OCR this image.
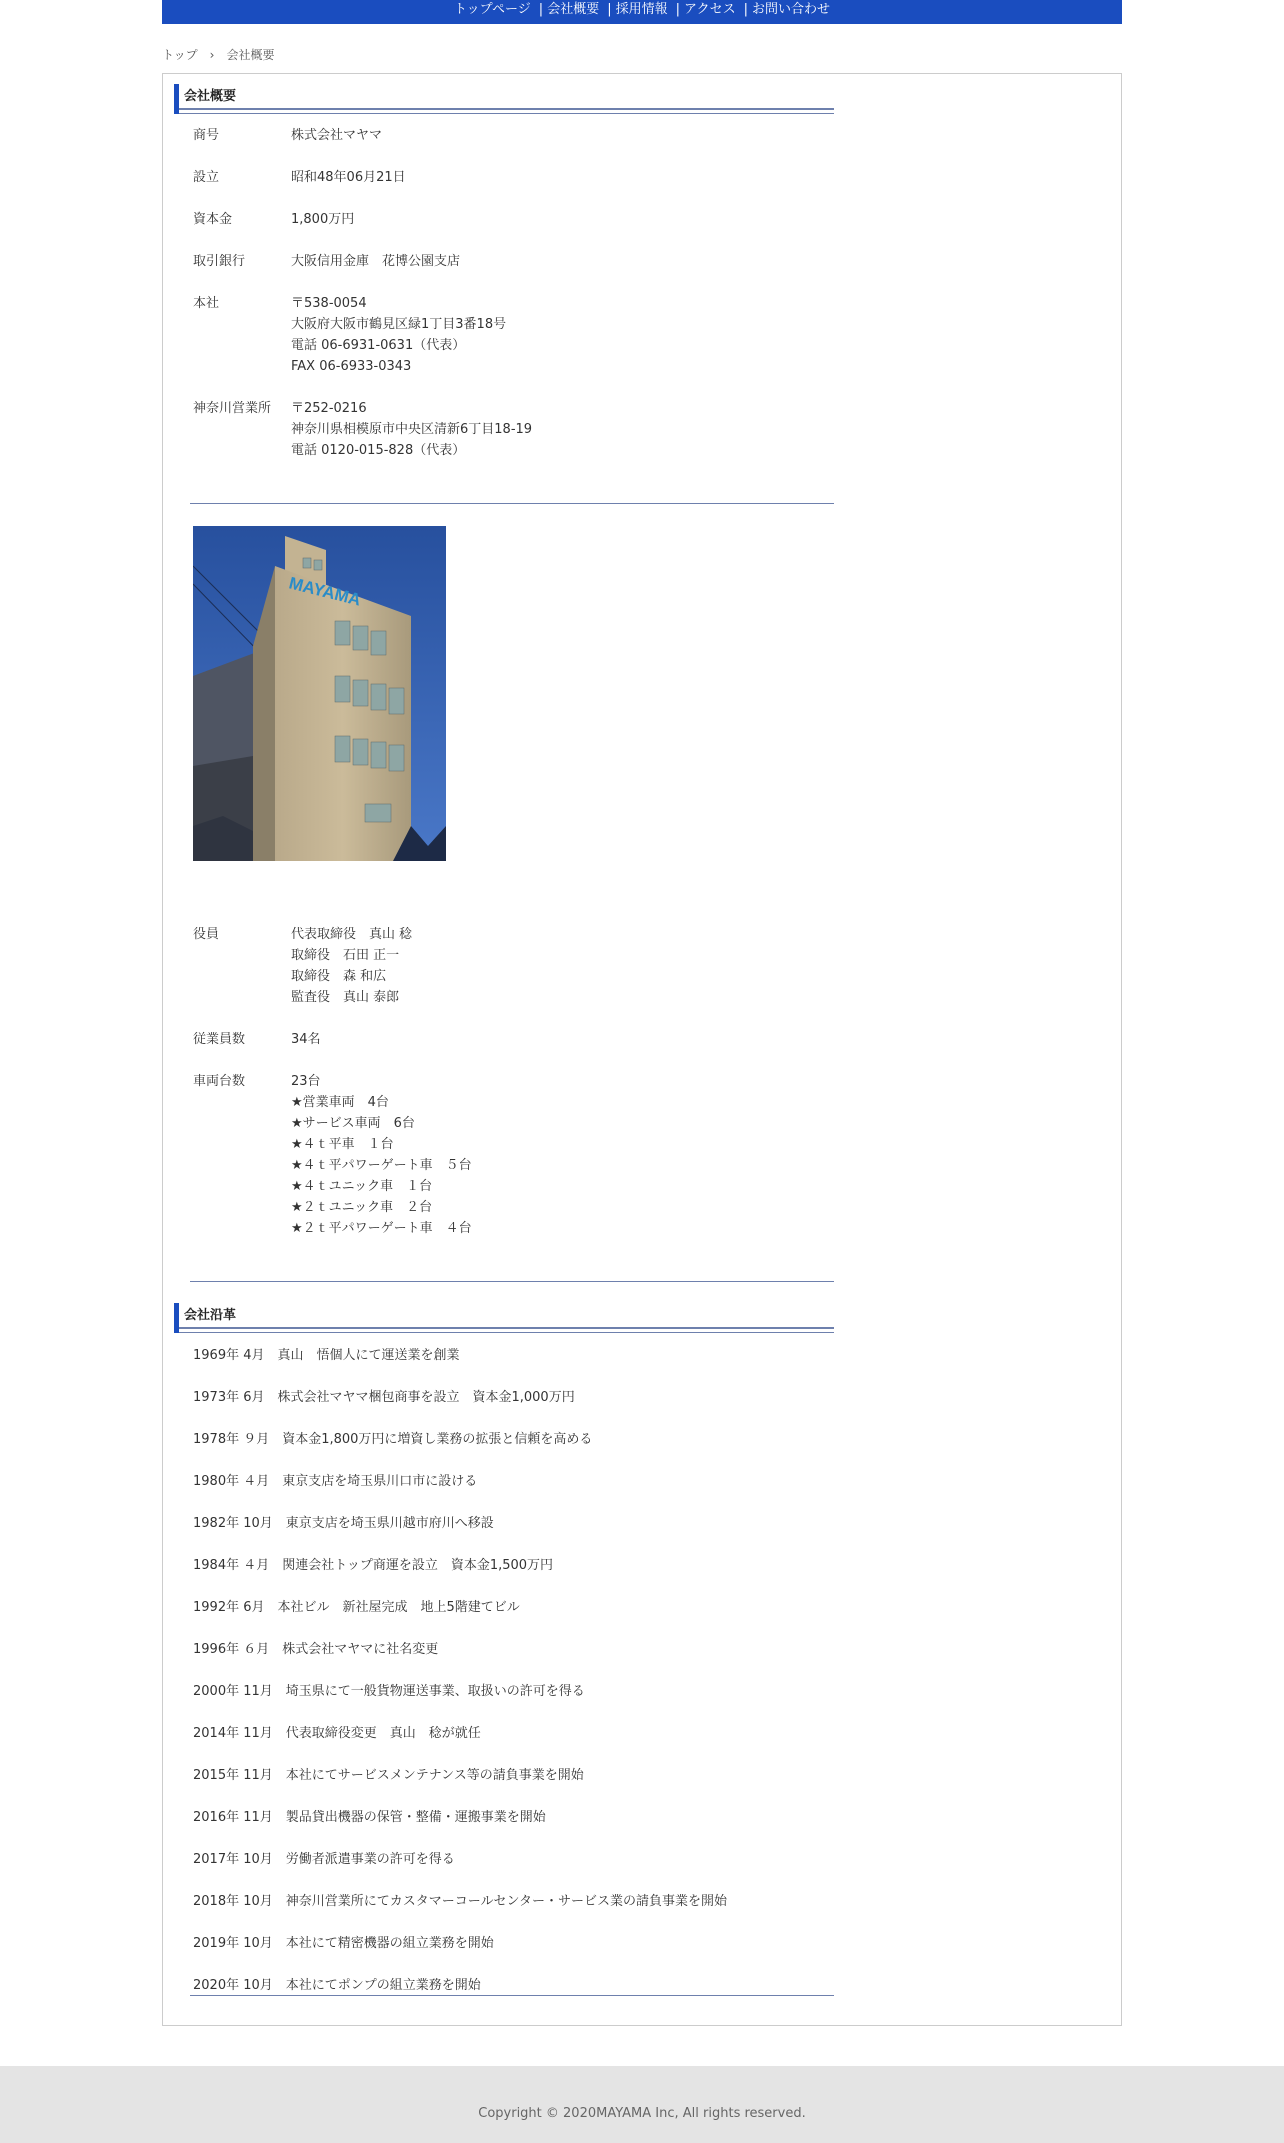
トップページ | 会社概要 | 採用情報 | アクセス | お問い合わせ
トップ › 会社概要
会社概要
商号	株式会社マヤマ
設立	昭和48年06月21日
資本金	1,800万円
取引銀行	大阪信用金庫　花博公園支店
本社	〒538-0054
大阪府大阪市鶴見区緑1丁目3番18号
電話 06-6931-0631（代表）
FAX 06-6933-0343
神奈川営業所	〒252-0216
神奈川県相模原市中央区清新6丁目18-19
電話 0120-015-828（代表）
MAYAMA
役員	代表取締役　真山 稔
取締役　石田 正一
取締役　森 和広
監査役　真山 泰郎
従業員数	34名
車両台数	23台
★営業車両　4台
★サービス車両　6台
★４ｔ平車　１台
★４ｔ平パワーゲート車　５台
★４ｔユニック車　１台
★２ｔユニック車　２台
★２ｔ平パワーゲート車　４台
会社沿革
1969年 4月　真山　悟個人にて運送業を創業
1973年 6月　株式会社マヤマ梱包商事を設立　資本金1,000万円
1978年 ９月　資本金1,800万円に増資し業務の拡張と信頼を高める
1980年 ４月　東京支店を埼玉県川口市に設ける
1982年 10月　東京支店を埼玉県川越市府川へ移設
1984年 ４月　関連会社トップ商運を設立　資本金1,500万円
1992年 6月　本社ビル　新社屋完成　地上5階建てビル
1996年 ６月　株式会社マヤマに社名変更
2000年 11月　埼玉県にて一般貨物運送事業、取扱いの許可を得る
2014年 11月　代表取締役変更　真山　稔が就任
2015年 11月　本社にてサービスメンテナンス等の請負事業を開始
2016年 11月　製品貸出機器の保管・整備・運搬事業を開始
2017年 10月　労働者派遣事業の許可を得る
2018年 10月　神奈川営業所にてカスタマーコールセンター・サービス業の請負事業を開始
2019年 10月　本社にて精密機器の組立業務を開始
2020年 10月　本社にてポンプの組立業務を開始
Copyright © 2020MAYAMA Inc, All rights reserved.
